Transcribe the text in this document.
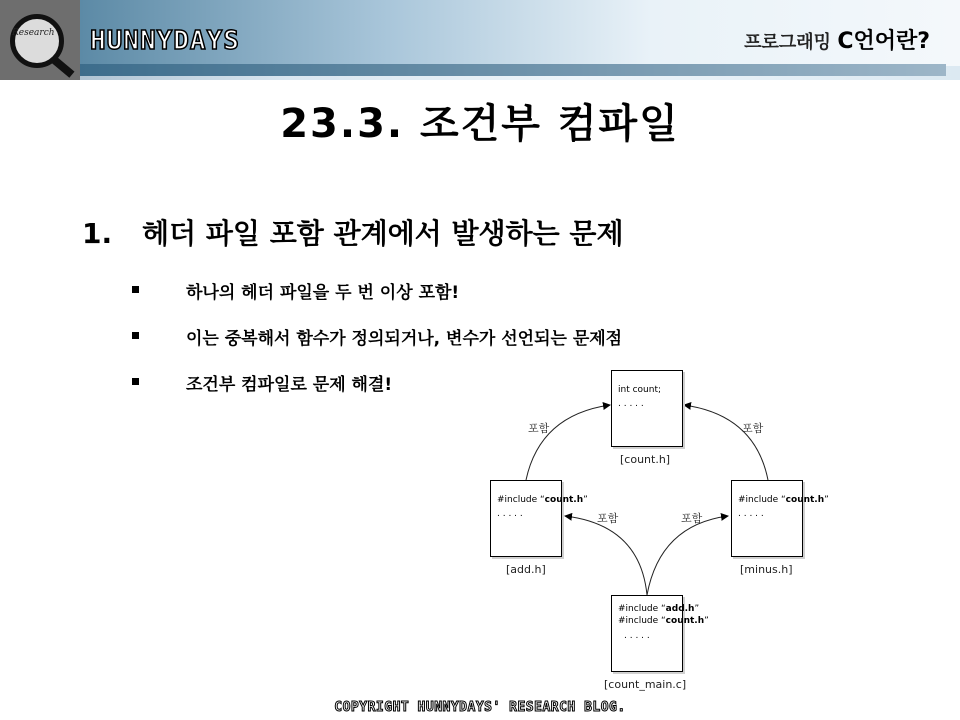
Research HUNNYDAYS	프로그래밍 C언어란?
23.3. 조건부 컴파일
1. 헤더 파일 포함 관계에서 발생하는 문제
하나의 헤더 파일을 두 번 이상 포함!
이는 중복해서 함수가 정의되거나, 변수가 선언되는 문제점
조건부 컴파일로 문제 해결!
포함	포함
포함	포함
int count;
. . . . .
[count.h]
#include “count.h”
. . . . .
[add.h]
#include “count.h”
. . . . .
[minus.h]
#include “add.h”
#include “count.h”
. . . . .
[count_main.c]
COPYRIGHT HUNNYDAYS' RESEARCH BLOG.
